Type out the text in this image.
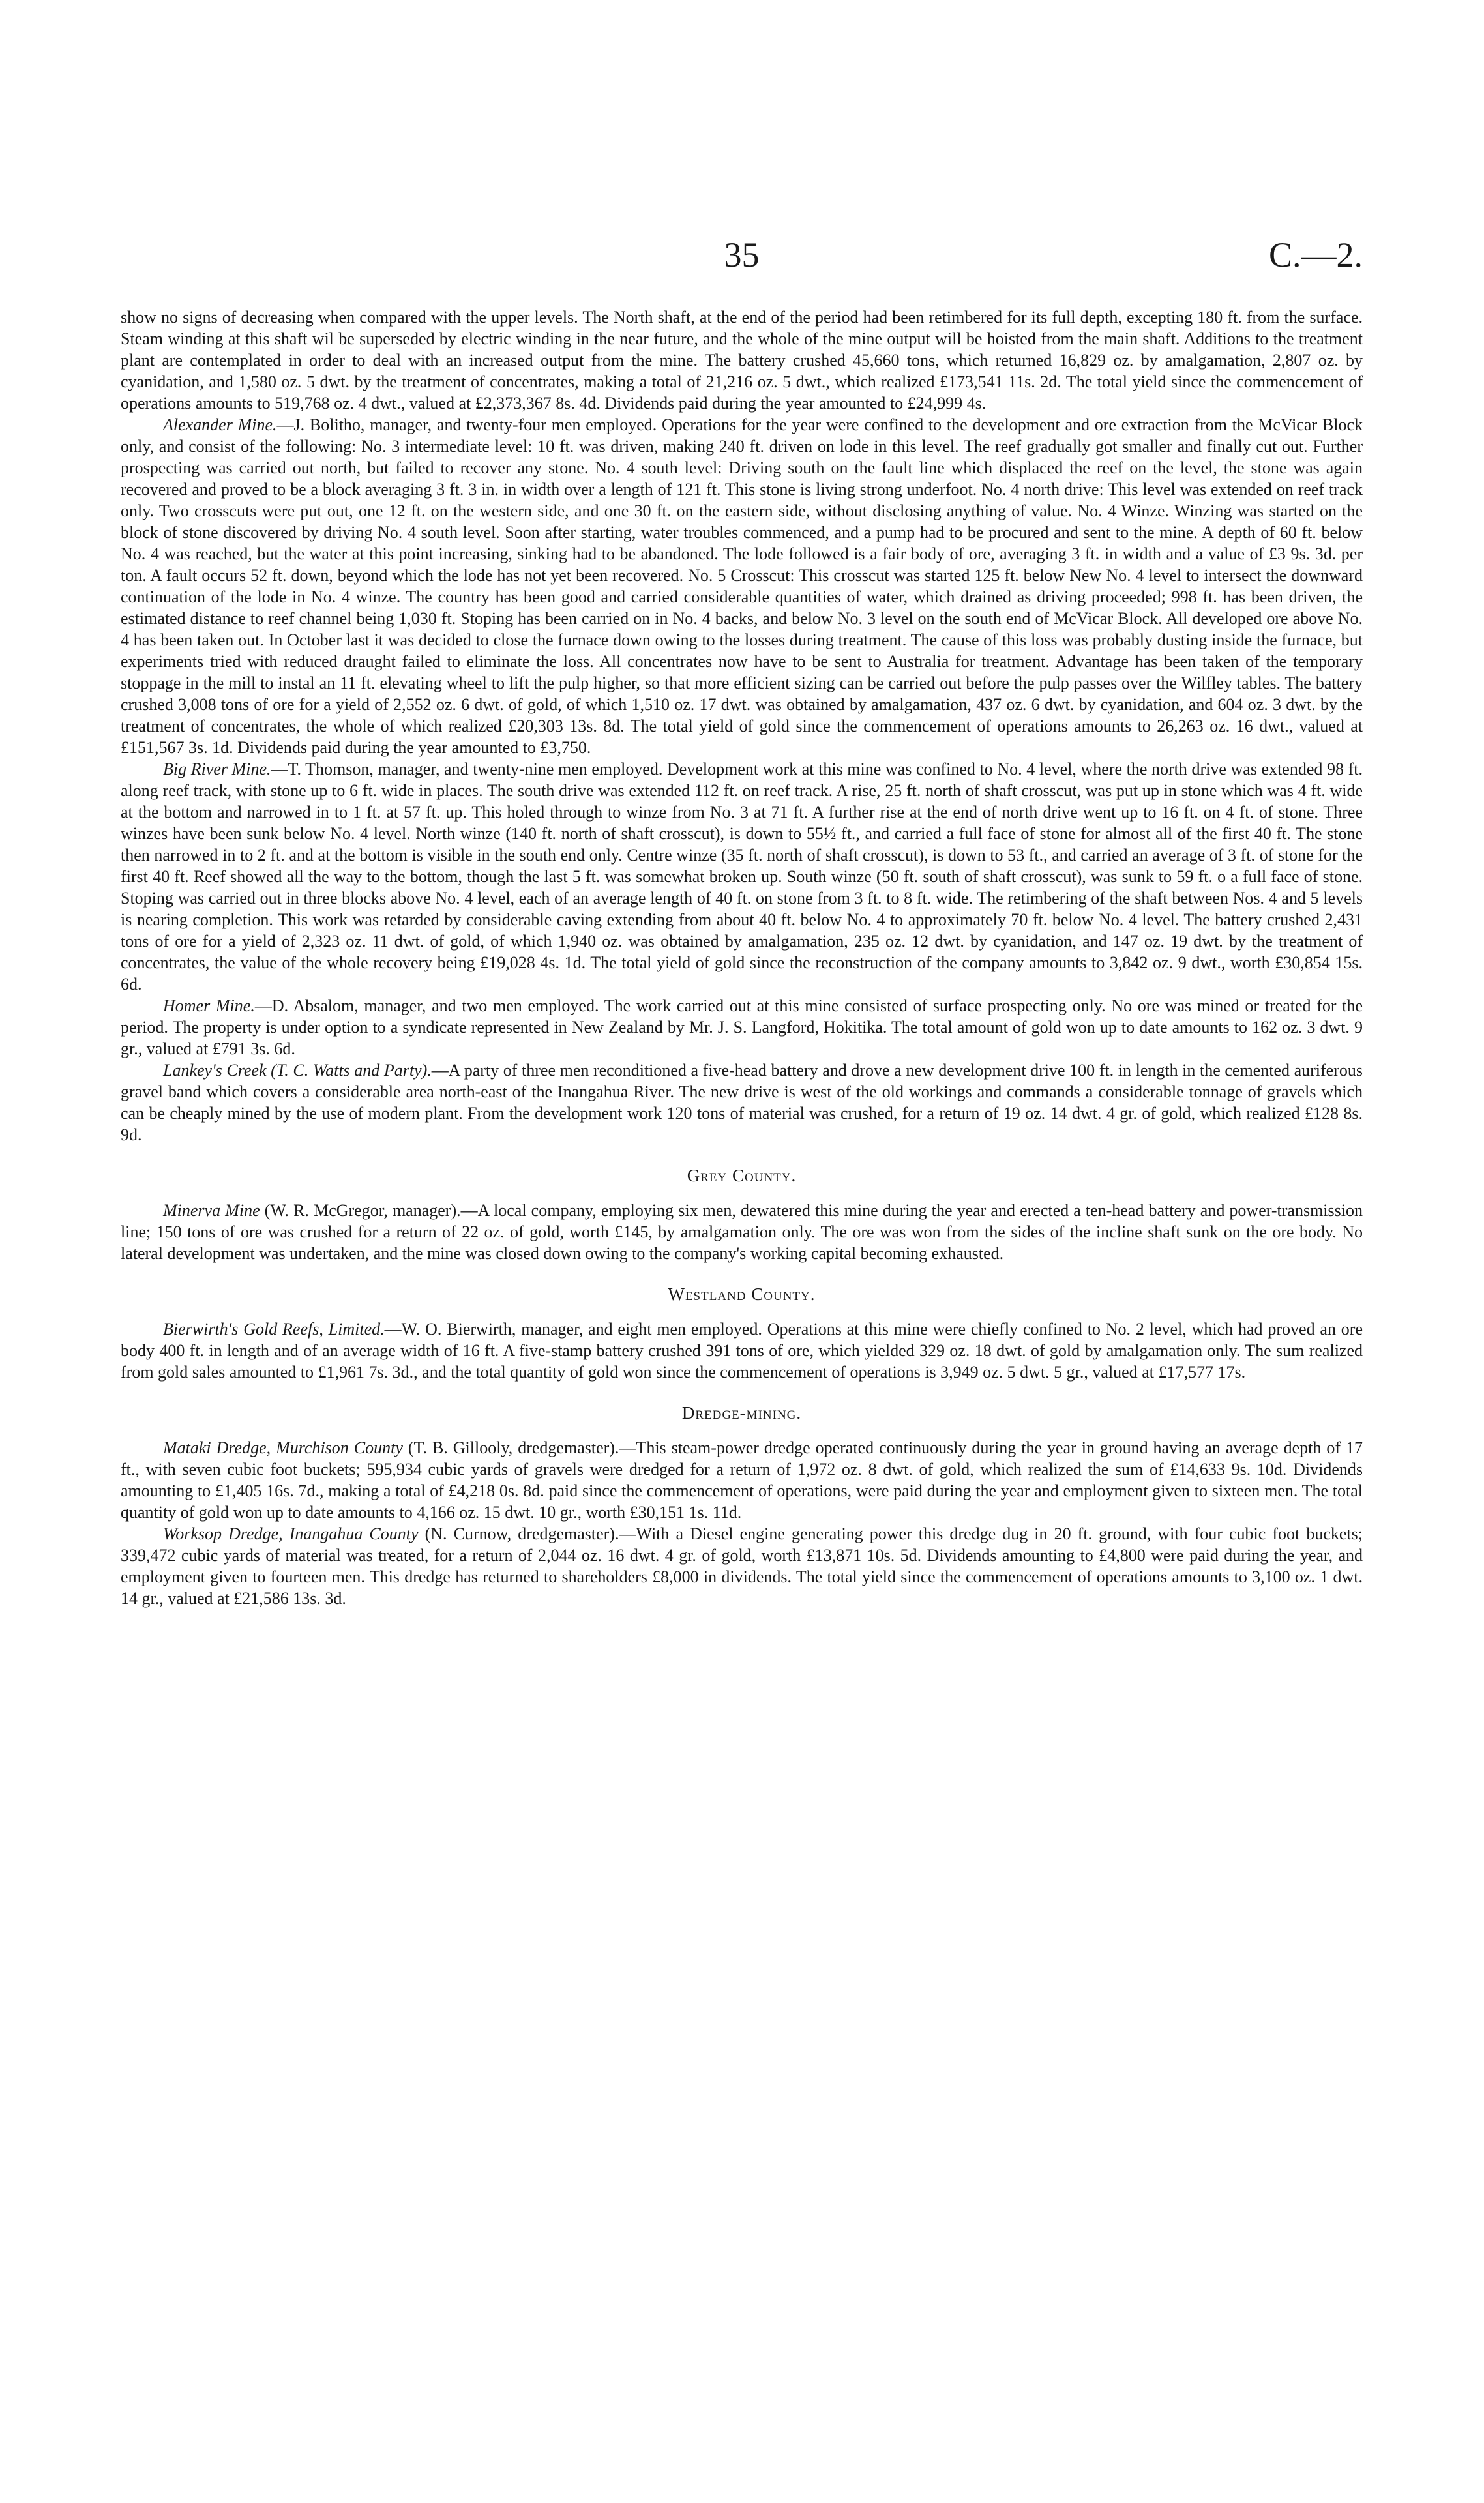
35	C.—2.

show no signs of decreasing when compared with the upper levels. The North shaft, at the end of the period had been retimbered for its full depth, excepting 180 ft. from the surface. Steam winding at this shaft wil be superseded by electric winding in the near future, and the whole of the mine output will be hoisted from the main shaft. Additions to the treatment plant are contemplated in order to deal with an increased output from the mine. The battery crushed 45,660 tons, which returned 16,829 oz. by amalgamation, 2,807 oz. by cyanidation, and 1,580 oz. 5 dwt. by the treatment of concentrates, making a total of 21,216 oz. 5 dwt., which realized £173,541 11s. 2d. The total yield since the commencement of operations amounts to 519,768 oz. 4 dwt., valued at £2,373,367 8s. 4d. Dividends paid during the year amounted to £24,999 4s.

Alexander Mine.—J. Bolitho, manager, and twenty-four men employed. Operations for the year were confined to the development and ore extraction from the McVicar Block only, and consist of the following: No. 3 intermediate level: 10 ft. was driven, making 240 ft. driven on lode in this level. The reef gradually got smaller and finally cut out. Further prospecting was carried out north, but failed to recover any stone. No. 4 south level: Driving south on the fault line which displaced the reef on the level, the stone was again recovered and proved to be a block averaging 3 ft. 3 in. in width over a length of 121 ft. This stone is living strong underfoot. No. 4 north drive: This level was extended on reef track only. Two crosscuts were put out, one 12 ft. on the western side, and one 30 ft. on the eastern side, without disclosing anything of value. No. 4 Winze. Winzing was started on the block of stone discovered by driving No. 4 south level. Soon after starting, water troubles commenced, and a pump had to be procured and sent to the mine. A depth of 60 ft. below No. 4 was reached, but the water at this point increasing, sinking had to be abandoned. The lode followed is a fair body of ore, averaging 3 ft. in width and a value of £3 9s. 3d. per ton. A fault occurs 52 ft. down, beyond which the lode has not yet been recovered. No. 5 Crosscut: This crosscut was started 125 ft. below New No. 4 level to intersect the downward continuation of the lode in No. 4 winze. The country has been good and carried considerable quantities of water, which drained as driving proceeded; 998 ft. has been driven, the estimated distance to reef channel being 1,030 ft. Stoping has been carried on in No. 4 backs, and below No. 3 level on the south end of McVicar Block. All developed ore above No. 4 has been taken out. In October last it was decided to close the furnace down owing to the losses during treatment. The cause of this loss was probably dusting inside the furnace, but experiments tried with reduced draught failed to eliminate the loss. All concentrates now have to be sent to Australia for treatment. Advantage has been taken of the temporary stoppage in the mill to instal an 11 ft. elevating wheel to lift the pulp higher, so that more efficient sizing can be carried out before the pulp passes over the Wilfley tables. The battery crushed 3,008 tons of ore for a yield of 2,552 oz. 6 dwt. of gold, of which 1,510 oz. 17 dwt. was obtained by amalgamation, 437 oz. 6 dwt. by cyanidation, and 604 oz. 3 dwt. by the treatment of concentrates, the whole of which realized £20,303 13s. 8d. The total yield of gold since the commencement of operations amounts to 26,263 oz. 16 dwt., valued at £151,567 3s. 1d. Dividends paid during the year amounted to £3,750.

Big River Mine.—T. Thomson, manager, and twenty-nine men employed. Development work at this mine was confined to No. 4 level, where the north drive was extended 98 ft. along reef track, with stone up to 6 ft. wide in places. The south drive was extended 112 ft. on reef track. A rise, 25 ft. north of shaft crosscut, was put up in stone which was 4 ft. wide at the bottom and narrowed in to 1 ft. at 57 ft. up. This holed through to winze from No. 3 at 71 ft. A further rise at the end of north drive went up to 16 ft. on 4 ft. of stone. Three winzes have been sunk below No. 4 level. North winze (140 ft. north of shaft crosscut), is down to 55½ ft., and carried a full face of stone for almost all of the first 40 ft. The stone then narrowed in to 2 ft. and at the bottom is visible in the south end only. Centre winze (35 ft. north of shaft crosscut), is down to 53 ft., and carried an average of 3 ft. of stone for the first 40 ft. Reef showed all the way to the bottom, though the last 5 ft. was somewhat broken up. South winze (50 ft. south of shaft crosscut), was sunk to 59 ft. o a full face of stone. Stoping was carried out in three blocks above No. 4 level, each of an average length of 40 ft. on stone from 3 ft. to 8 ft. wide. The retimbering of the shaft between Nos. 4 and 5 levels is nearing completion. This work was retarded by considerable caving extending from about 40 ft. below No. 4 to approximately 70 ft. below No. 4 level. The battery crushed 2,431 tons of ore for a yield of 2,323 oz. 11 dwt. of gold, of which 1,940 oz. was obtained by amalgamation, 235 oz. 12 dwt. by cyanidation, and 147 oz. 19 dwt. by the treatment of concentrates, the value of the whole recovery being £19,028 4s. 1d. The total yield of gold since the reconstruction of the company amounts to 3,842 oz. 9 dwt., worth £30,854 15s. 6d.

Homer Mine.—D. Absalom, manager, and two men employed. The work carried out at this mine consisted of surface prospecting only. No ore was mined or treated for the period. The property is under option to a syndicate represented in New Zealand by Mr. J. S. Langford, Hokitika. The total amount of gold won up to date amounts to 162 oz. 3 dwt. 9 gr., valued at £791 3s. 6d.

Lankey's Creek (T. C. Watts and Party).—A party of three men reconditioned a five-head battery and drove a new development drive 100 ft. in length in the cemented auriferous gravel band which covers a considerable area north-east of the Inangahua River. The new drive is west of the old workings and commands a considerable tonnage of gravels which can be cheaply mined by the use of modern plant. From the development work 120 tons of material was crushed, for a return of 19 oz. 14 dwt. 4 gr. of gold, which realized £128 8s. 9d.

Grey County.

Minerva Mine (W. R. McGregor, manager).—A local company, employing six men, dewatered this mine during the year and erected a ten-head battery and power-transmission line; 150 tons of ore was crushed for a return of 22 oz. of gold, worth £145, by amalgamation only. The ore was won from the sides of the incline shaft sunk on the ore body. No lateral development was undertaken, and the mine was closed down owing to the company's working capital becoming exhausted.

Westland County.

Bierwirth's Gold Reefs, Limited.—W. O. Bierwirth, manager, and eight men employed. Operations at this mine were chiefly confined to No. 2 level, which had proved an ore body 400 ft. in length and of an average width of 16 ft. A five-stamp battery crushed 391 tons of ore, which yielded 329 oz. 18 dwt. of gold by amalgamation only. The sum realized from gold sales amounted to £1,961 7s. 3d., and the total quantity of gold won since the commencement of operations is 3,949 oz. 5 dwt. 5 gr., valued at £17,577 17s.

Dredge-mining.

Mataki Dredge, Murchison County (T. B. Gillooly, dredgemaster).—This steam-power dredge operated continuously during the year in ground having an average depth of 17 ft., with seven cubic foot buckets; 595,934 cubic yards of gravels were dredged for a return of 1,972 oz. 8 dwt. of gold, which realized the sum of £14,633 9s. 10d. Dividends amounting to £1,405 16s. 7d., making a total of £4,218 0s. 8d. paid since the commencement of operations, were paid during the year and employment given to sixteen men. The total quantity of gold won up to date amounts to 4,166 oz. 15 dwt. 10 gr., worth £30,151 1s. 11d.

Worksop Dredge, Inangahua County (N. Curnow, dredgemaster).—With a Diesel engine generating power this dredge dug in 20 ft. ground, with four cubic foot buckets; 339,472 cubic yards of material was treated, for a return of 2,044 oz. 16 dwt. 4 gr. of gold, worth £13,871 10s. 5d. Dividends amounting to £4,800 were paid during the year, and employment given to fourteen men. This dredge has returned to shareholders £8,000 in dividends. The total yield since the commencement of operations amounts to 3,100 oz. 1 dwt. 14 gr., valued at £21,586 13s. 3d.
